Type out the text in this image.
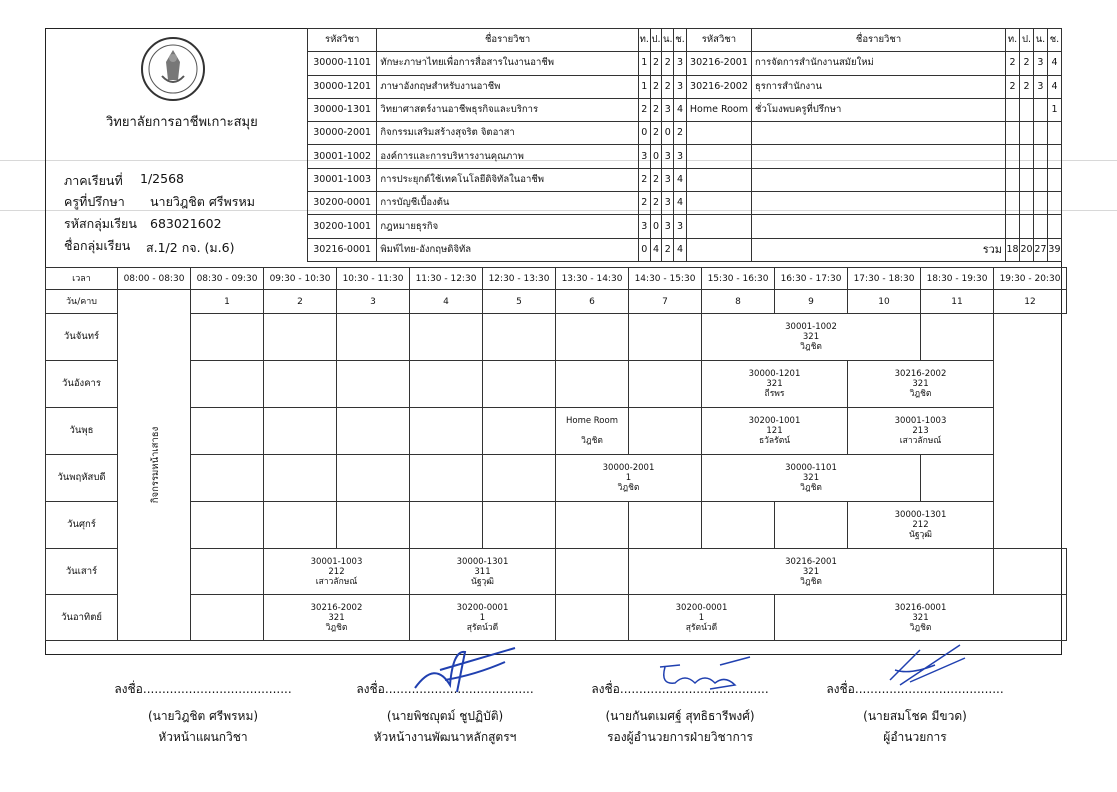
วิทยาลัยการอาชีพเกาะสมุย
ภาคเรียนที่ 1/2568
ครูที่ปรึกษา นายวิฎชิต ศรีพรหม
รหัสกลุ่มเรียน 683021602
ชื่อกลุ่มเรียน ส.1/2 กจ. (ม.6)
รหัสวิชา	ชื่อรายวิชา	ท.	ป.	น.	ช.	รหัสวิชา	ชื่อรายวิชา	ท.	ป.	น.	ช.
30000-1101	ทักษะภาษาไทยเพื่อการสื่อสารในงานอาชีพ	1	2	2	3	30216-2001	การจัดการสำนักงานสมัยใหม่	2	2	3	4
30000-1201	ภาษาอังกฤษสำหรับงานอาชีพ	1	2	2	3	30216-2002	ธุรการสำนักงาน	2	2	3	4
30000-1301	วิทยาศาสตร์งานอาชีพธุรกิจและบริการ	2	2	3	4	Home Room	ชั่วโมงพบครูที่ปรึกษา				1
30000-2001	กิจกรรมเสริมสร้างสุจริต จิตอาสา	0	2	0	2						
30001-1002	องค์การและการบริหารงานคุณภาพ	3	0	3	3						
30001-1003	การประยุกต์ใช้เทคโนโลยีดิจิทัลในอาชีพ	2	2	3	4						
30200-0001	การบัญชีเบื้องต้น	2	2	3	4						
30200-1001	กฎหมายธุรกิจ	3	0	3	3						
30216-0001	พิมพ์ไทย-อังกฤษดิจิทัล	0	4	2	4		รวม	18	20	27	39
เวลา	08:00 - 08:30	08:30 - 09:30	09:30 - 10:30	10:30 - 11:30	11:30 - 12:30	12:30 - 13:30	13:30 - 14:30	14:30 - 15:30	15:30 - 16:30	16:30 - 17:30	17:30 - 18:30	18:30 - 19:30	19:30 - 20:30	
วัน/คาบ	กิจกรรมหน้าเสาธง	1	2	3	4	5	6	7	8	9	10	11	12	
วันจันทร์									30001-1002
321
วิฎชิต					
วันอังคาร									30000-1201
321
ถีรพร		30216-2002
321
วิฎชิต			
วันพุธ							Home Room

วิฎชิต		30200-1001
121
ธวัลรัตน์		30001-1003
213
เสาวลักษณ์			
วันพฤหัสบดี							30000-2001
1
วิฎชิต		30000-1101
321
วิฎชิต					
วันศุกร์											30000-1301
212
นัฐวุฒิ			
วันเสาร์			30001-1003
212
เสาวลักษณ์		30000-1301
311
นัฐวุฒิ			30216-2001
321
วิฎชิต						
วันอาทิตย์			30216-2002
321
วิฎชิต		30200-0001
1
สุรัตน์วดี			30200-0001
1
สุรัตน์วดี		30216-0001
321
วิฎชิต				
ลงชื่อ.......................................
(นายวิฎชิต ศรีพรหม)
หัวหน้าแผนกวิชา
ลงชื่อ.......................................
(นายพิชญุตม์ ชูปฏิบัติ)
หัวหน้างานพัฒนาหลักสูตรฯ
ลงชื่อ.......................................
(นายกันตเมศฐ์ สุทธิธารีพงศ์)
รองผู้อำนวยการฝ่ายวิชาการ
ลงชื่อ.......................................
(นายสมโชค มีขวด)
ผู้อำนวยการ
